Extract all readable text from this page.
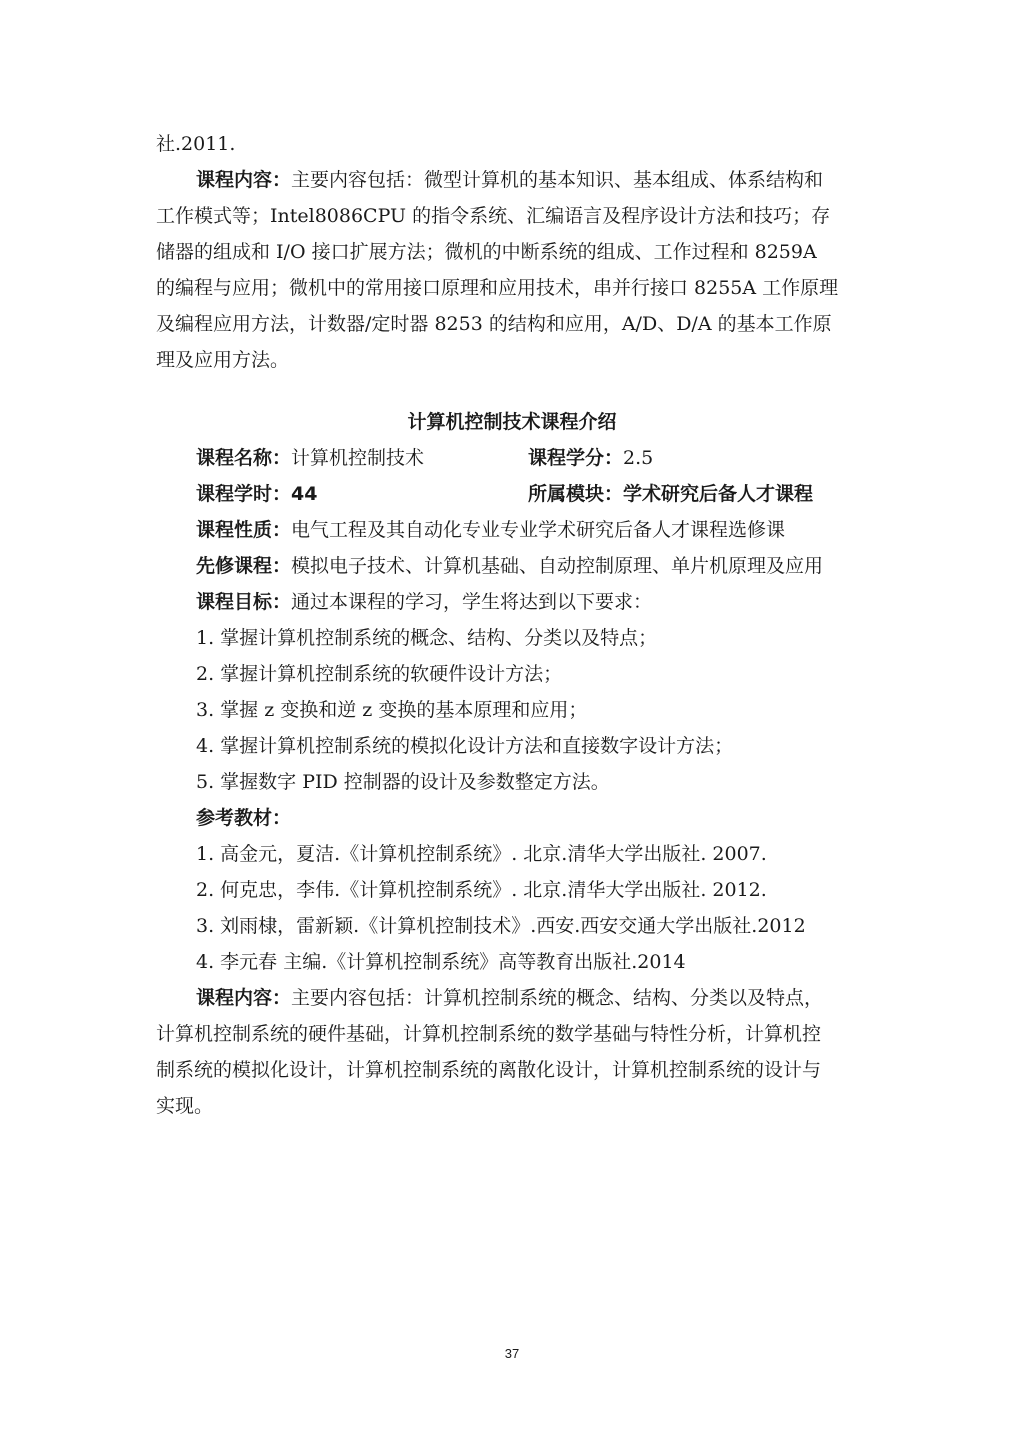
社.2011.
课程内容：主要内容包括：微型计算机的基本知识、基本组成、体系结构和
工作模式等；Intel8086CPU 的指令系统、汇编语言及程序设计方法和技巧；存
储器的组成和 I/O 接口扩展方法；微机的中断系统的组成、工作过程和 8259A
的编程与应用；微机中的常用接口原理和应用技术，串并行接口 8255A 工作原理
及编程应用方法，计数器/定时器 8253 的结构和应用，A/D、D/A 的基本工作原
理及应用方法。
计算机控制技术课程介绍
课程名称：计算机控制技术	课程学分：2.5
课程学时：44	所属模块：学术研究后备人才课程
课程性质：电气工程及其自动化专业专业学术研究后备人才课程选修课
先修课程：模拟电子技术、计算机基础、自动控制原理、单片机原理及应用
课程目标：通过本课程的学习，学生将达到以下要求：
1. 掌握计算机控制系统的概念、结构、分类以及特点；
2. 掌握计算机控制系统的软硬件设计方法；
3. 掌握 z 变换和逆 z 变换的基本原理和应用；
4. 掌握计算机控制系统的模拟化设计方法和直接数字设计方法；
5. 掌握数字 PID 控制器的设计及参数整定方法。
参考教材：
1. 高金元，夏洁.《计算机控制系统》. 北京.清华大学出版社. 2007.
2. 何克忠，李伟.《计算机控制系统》. 北京.清华大学出版社. 2012.
3. 刘雨棣，雷新颖.《计算机控制技术》.西安.西安交通大学出版社.2012
4. 李元春 主编.《计算机控制系统》高等教育出版社.2014
课程内容：主要内容包括：计算机控制系统的概念、结构、分类以及特点，
计算机控制系统的硬件基础，计算机控制系统的数学基础与特性分析，计算机控
制系统的模拟化设计，计算机控制系统的离散化设计，计算机控制系统的设计与
实现。
37
